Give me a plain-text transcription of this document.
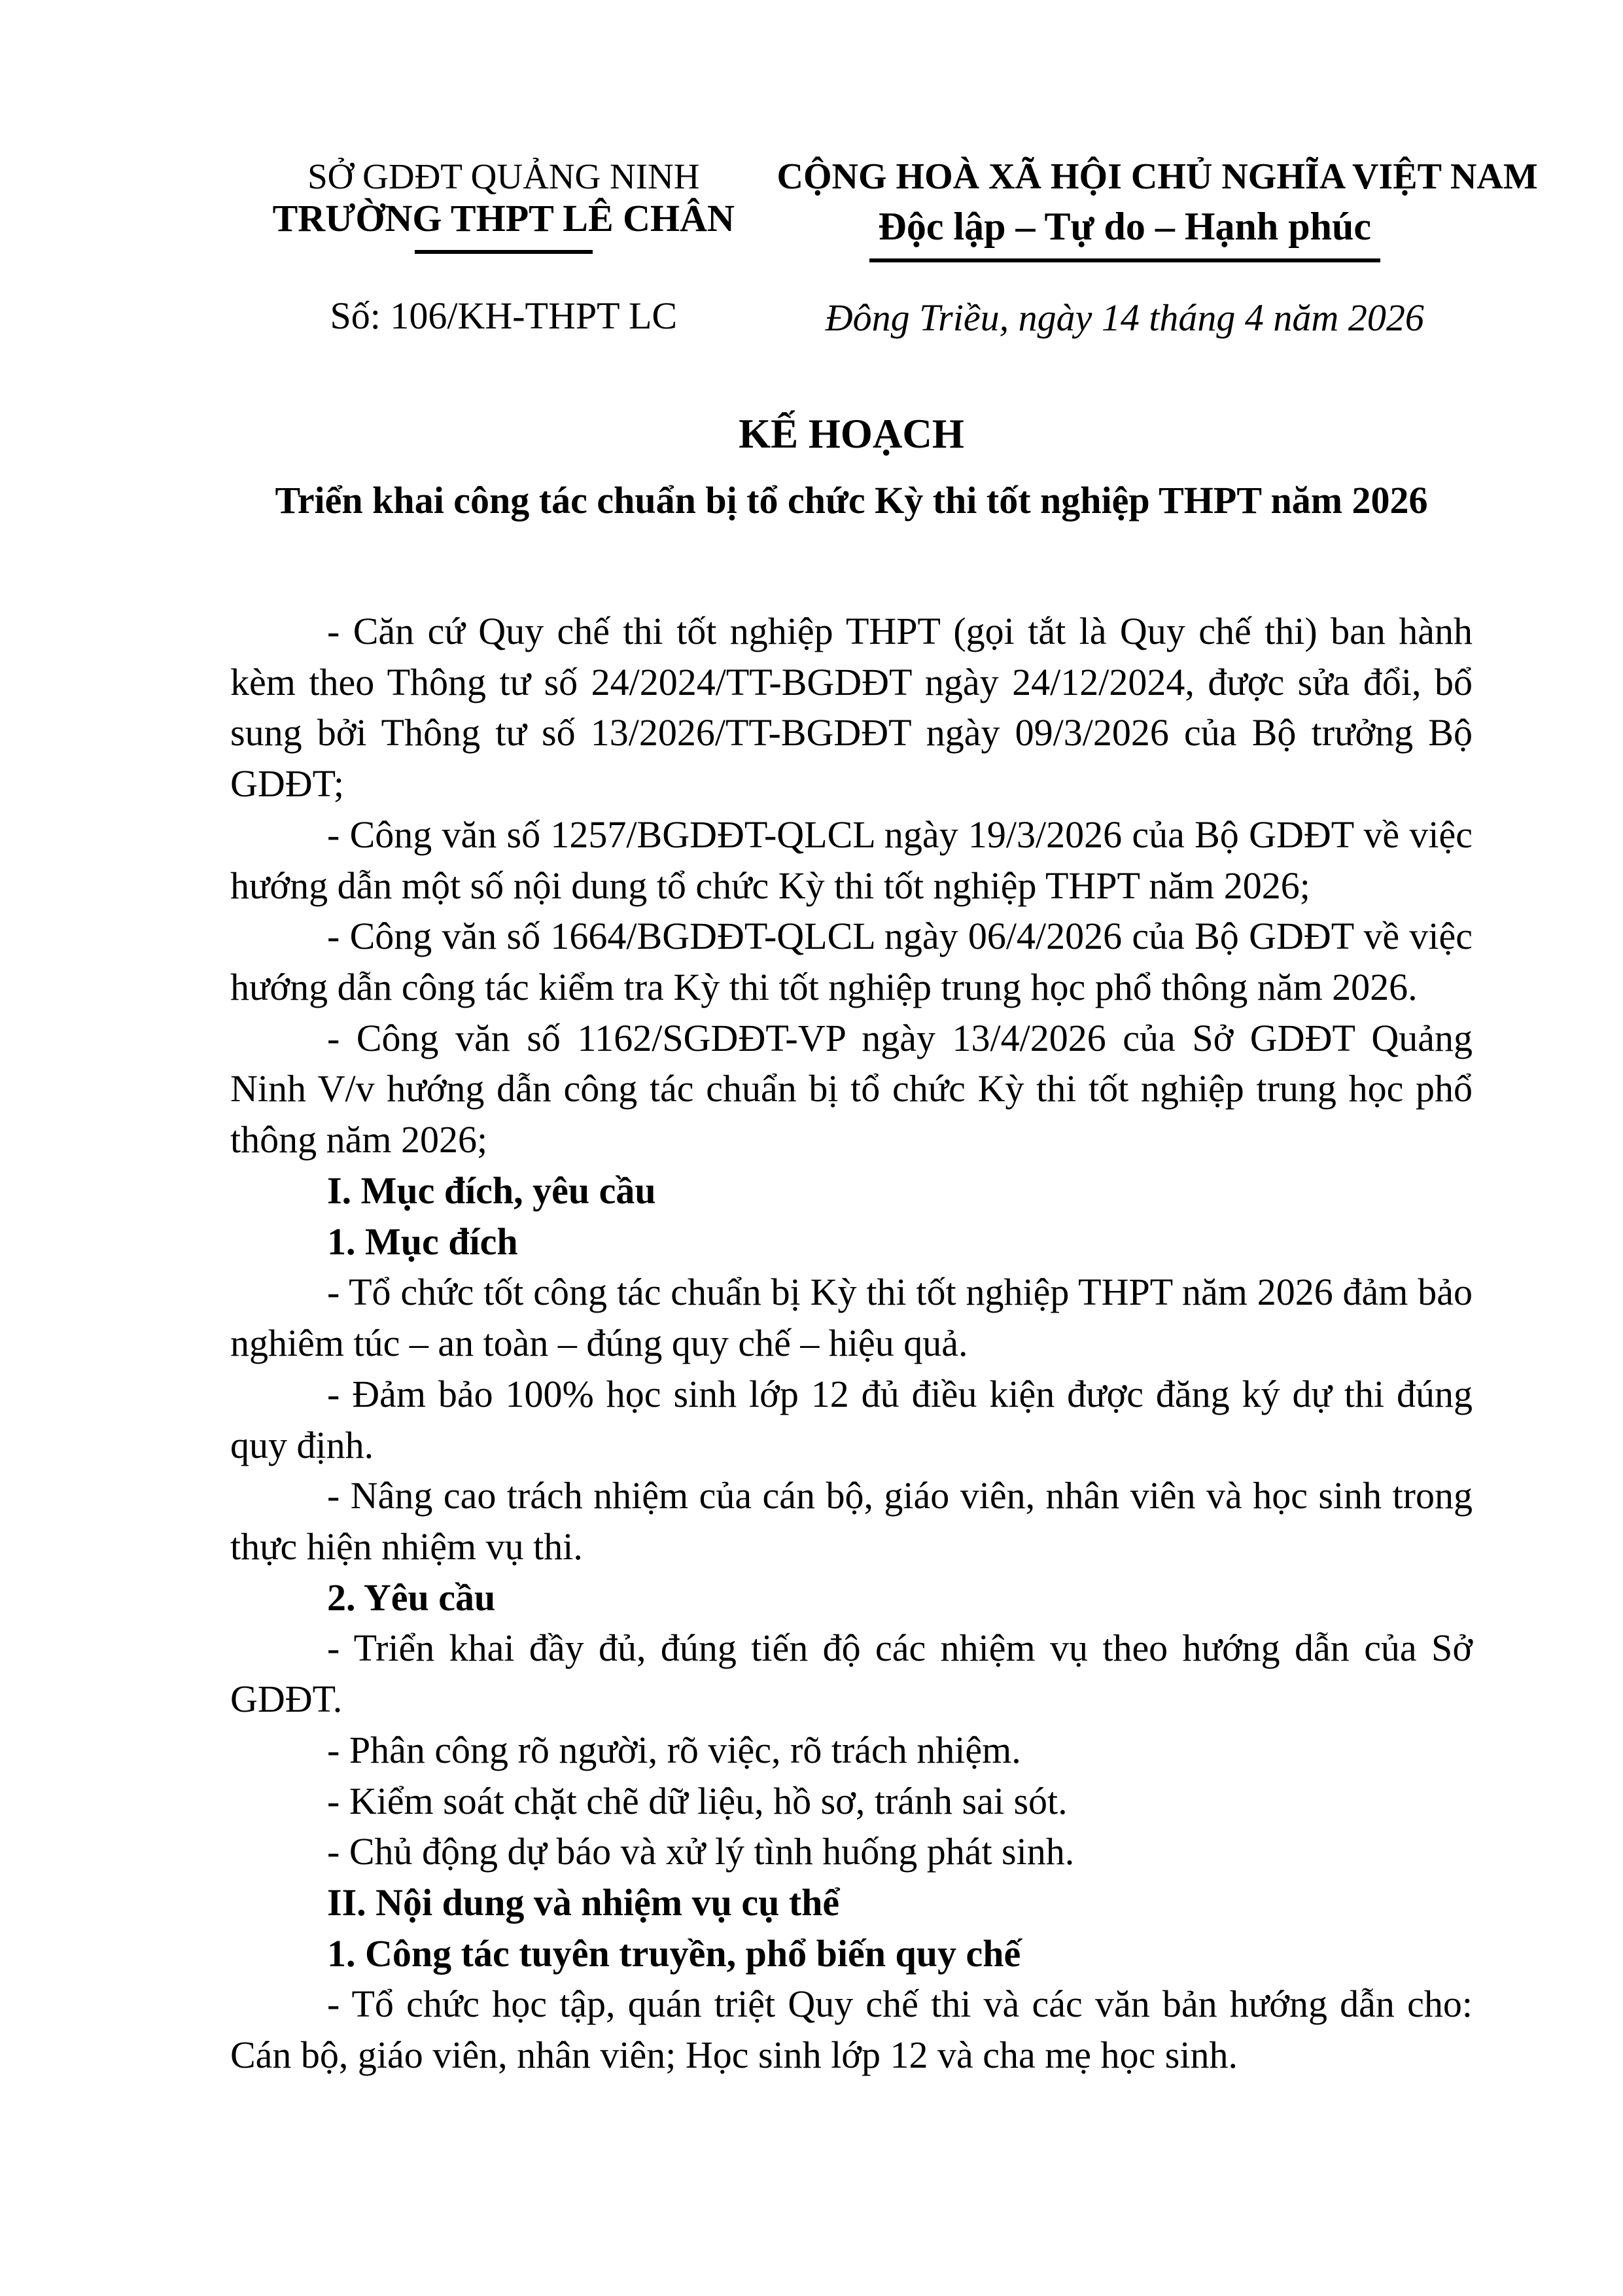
SỞ GDĐT QUẢNG NINH
TRƯỜNG THPT LÊ CHÂN
Số: 106/KH-THPT LC
CỘNG HOÀ XÃ HỘI CHỦ NGHĨA VIỆT NAM
Độc lập – Tự do – Hạnh phúc
Đông Triều, ngày 14 tháng 4 năm 2026
KẾ HOẠCH
Triển khai công tác chuẩn bị tổ chức Kỳ thi tốt nghiệp THPT năm 2026

- Căn cứ Quy chế thi tốt nghiệp THPT (gọi tắt là Quy chế thi) ban hành kèm theo Thông tư số 24/2024/TT-BGDĐT ngày 24/12/2024, được sửa đổi, bổ sung bởi Thông tư số 13/2026/TT-BGDĐT ngày 09/3/2026 của Bộ trưởng Bộ GDĐT;

- Công văn số 1257/BGDĐT-QLCL ngày 19/3/2026 của Bộ GDĐT về việc hướng dẫn một số nội dung tổ chức Kỳ thi tốt nghiệp THPT năm 2026;

- Công văn số 1664/BGDĐT-QLCL ngày 06/4/2026 của Bộ GDĐT về việc hướng dẫn công tác kiểm tra Kỳ thi tốt nghiệp trung học phổ thông năm 2026.

- Công văn số 1162/SGDĐT-VP ngày 13/4/2026 của Sở GDĐT Quảng Ninh V/v hướng dẫn công tác chuẩn bị tổ chức Kỳ thi tốt nghiệp trung học phổ thông năm 2026;

I. Mục đích, yêu cầu

1. Mục đích

- Tổ chức tốt công tác chuẩn bị Kỳ thi tốt nghiệp THPT năm 2026 đảm bảo nghiêm túc – an toàn – đúng quy chế – hiệu quả.

- Đảm bảo 100% học sinh lớp 12 đủ điều kiện được đăng ký dự thi đúng quy định.

- Nâng cao trách nhiệm của cán bộ, giáo viên, nhân viên và học sinh trong thực hiện nhiệm vụ thi.

2. Yêu cầu

- Triển khai đầy đủ, đúng tiến độ các nhiệm vụ theo hướng dẫn của Sở GDĐT.

- Phân công rõ người, rõ việc, rõ trách nhiệm.

- Kiểm soát chặt chẽ dữ liệu, hồ sơ, tránh sai sót.

- Chủ động dự báo và xử lý tình huống phát sinh.

II. Nội dung và nhiệm vụ cụ thể

1. Công tác tuyên truyền, phổ biến quy chế

- Tổ chức học tập, quán triệt Quy chế thi và các văn bản hướng dẫn cho: Cán bộ, giáo viên, nhân viên; Học sinh lớp 12 và cha mẹ học sinh.
